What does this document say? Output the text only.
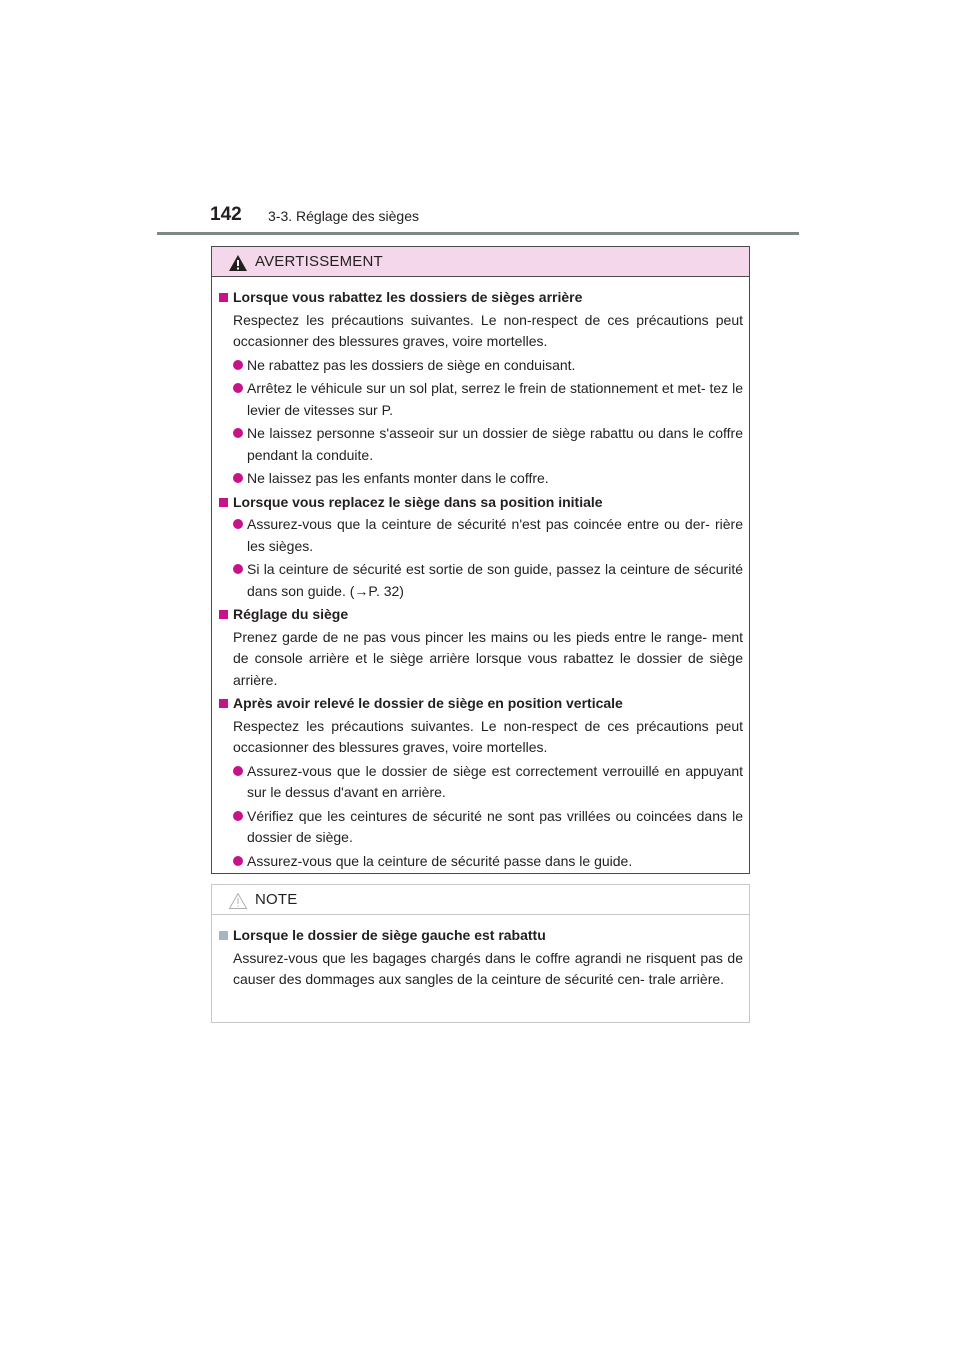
142 3-3. Réglage des sièges
AVERTISSEMENT
Lorsque vous rabattez les dossiers de sièges arrière
Respectez les précautions suivantes. Le non-respect de ces précautions peut occasionner des blessures graves, voire mortelles.
Ne rabattez pas les dossiers de siège en conduisant.
Arrêtez le véhicule sur un sol plat, serrez le frein de stationnement et met- tez le levier de vitesses sur P.
Ne laissez personne s'asseoir sur un dossier de siège rabattu ou dans le coffre pendant la conduite.
Ne laissez pas les enfants monter dans le coffre.
Lorsque vous replacez le siège dans sa position initiale
Assurez-vous que la ceinture de sécurité n'est pas coincée entre ou der- rière les sièges.
Si la ceinture de sécurité est sortie de son guide, passez la ceinture de sécurité dans son guide. (→P. 32)
Réglage du siège
Prenez garde de ne pas vous pincer les mains ou les pieds entre le range- ment de console arrière et le siège arrière lorsque vous rabattez le dossier de siège arrière.
Après avoir relevé le dossier de siège en position verticale
Respectez les précautions suivantes. Le non-respect de ces précautions peut occasionner des blessures graves, voire mortelles.
Assurez-vous que le dossier de siège est correctement verrouillé en appuyant sur le dessus d'avant en arrière.
Vérifiez que les ceintures de sécurité ne sont pas vrillées ou coincées dans le dossier de siège.
Assurez-vous que la ceinture de sécurité passe dans le guide.
NOTE
Lorsque le dossier de siège gauche est rabattu
Assurez-vous que les bagages chargés dans le coffre agrandi ne risquent pas de causer des dommages aux sangles de la ceinture de sécurité cen- trale arrière.
